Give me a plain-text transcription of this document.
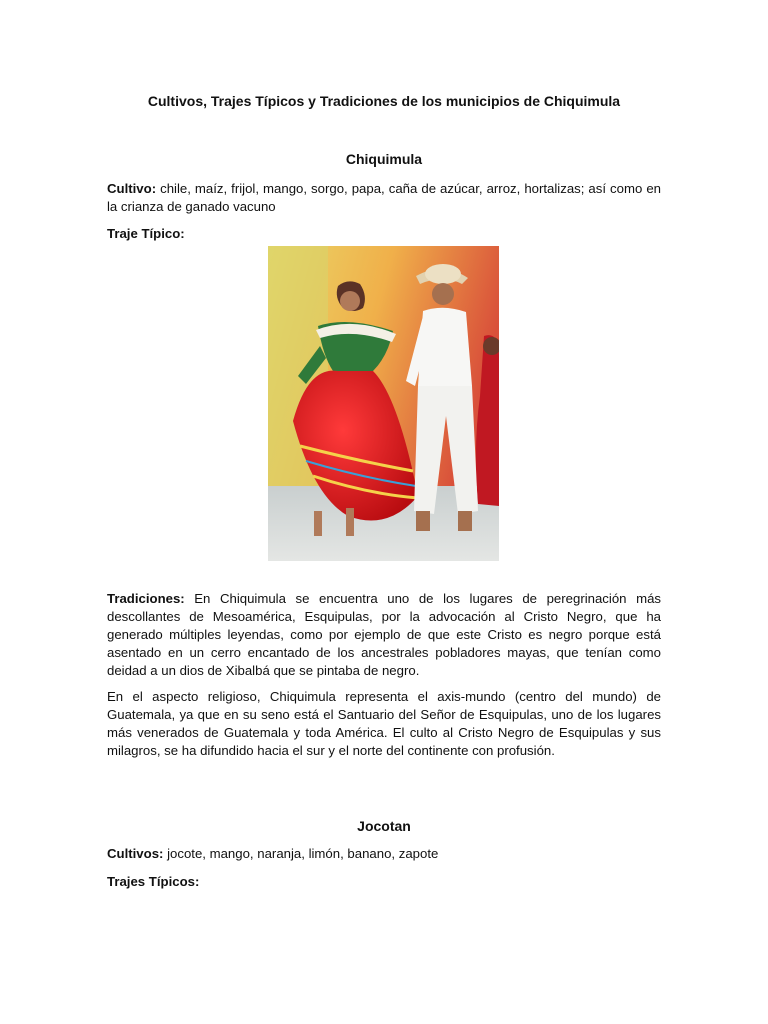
Cultivos, Trajes Típicos y Tradiciones de los municipios de Chiquimula
Chiquimula

Cultivo: chile, maíz, frijol, mango, sorgo, papa, caña de azúcar, arroz, hortalizas; así como en la crianza de ganado vacuno

Traje Típico:

Tradiciones: En Chiquimula se encuentra uno de los lugares de peregrinación más descollantes de Mesoamérica, Esquipulas, por la advocación al Cristo Negro, que ha generado múltiples leyendas, como por ejemplo de que este Cristo es negro porque está asentado en un cerro encantado de los ancestrales pobladores mayas, que tenían como deidad a un dios de Xibalbá que se pintaba de negro.

En el aspecto religioso, Chiquimula representa el axis-mundo (centro del mundo) de Guatemala, ya que en su seno está el Santuario del Señor de Esquipulas, uno de los lugares más venerados de Guatemala y toda América. El culto al Cristo Negro de Esquipulas y sus milagros, se ha difundido hacia el sur y el norte del continente con profusión.

Jocotan

Cultivos: jocote, mango, naranja, limón, banano, zapote

Trajes Típicos:
